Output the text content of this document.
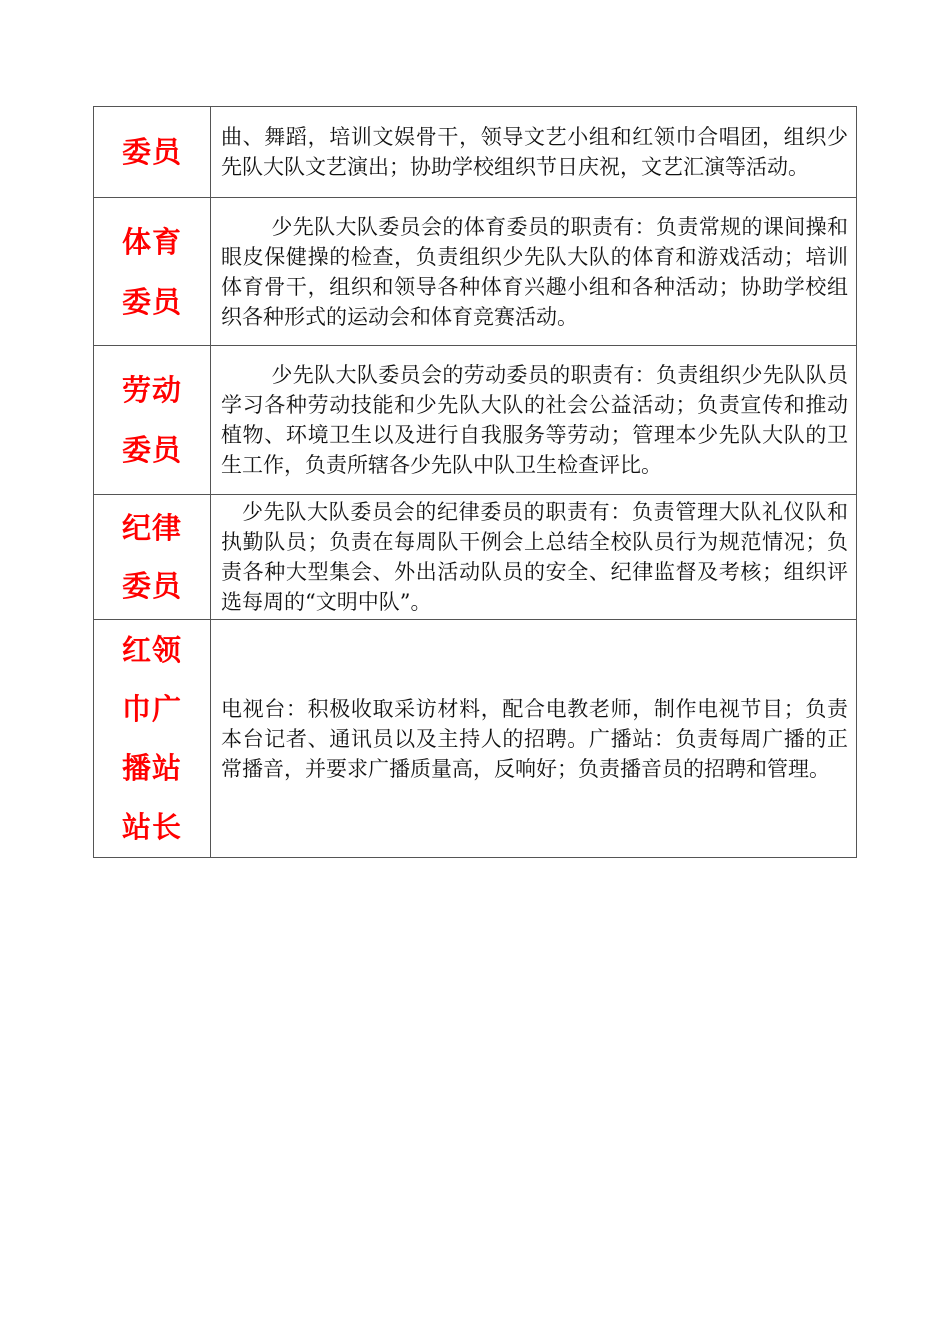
委员	曲、舞蹈，培训文娱骨干，领导文艺小组和红领巾合唱团，组织少先队大队文艺演出；协助学校组织节日庆祝，文艺汇演等活动。

体育
委员	少先队大队委员会的体育委员的职责有：负责常规的课间操和眼皮保健操的检查，负责组织少先队大队的体育和游戏活动；培训体育骨干，组织和领导各种体育兴趣小组和各种活动；协助学校组织各种形式的运动会和体育竞赛活动。

劳动
委员	少先队大队委员会的劳动委员的职责有：负责组织少先队队员学习各种劳动技能和少先队大队的社会公益活动；负责宣传和推动植物、环境卫生以及进行自我服务等劳动；管理本少先队大队的卫生工作，负责所辖各少先队中队卫生检查评比。

纪律
委员	少先队大队委员会的纪律委员的职责有：负责管理大队礼仪队和执勤队员；负责在每周队干例会上总结全校队员行为规范情况；负责各种大型集会、外出活动队员的安全、纪律监督及考核；组织评选每周的“文明中队”。

红领
巾广
播站
站长	电视台：积极收取采访材料，配合电教老师，制作电视节目；负责本台记者、通讯员以及主持人的招聘。广播站：负责每周广播的正常播音，并要求广播质量高，反响好；负责播音员的招聘和管理。
